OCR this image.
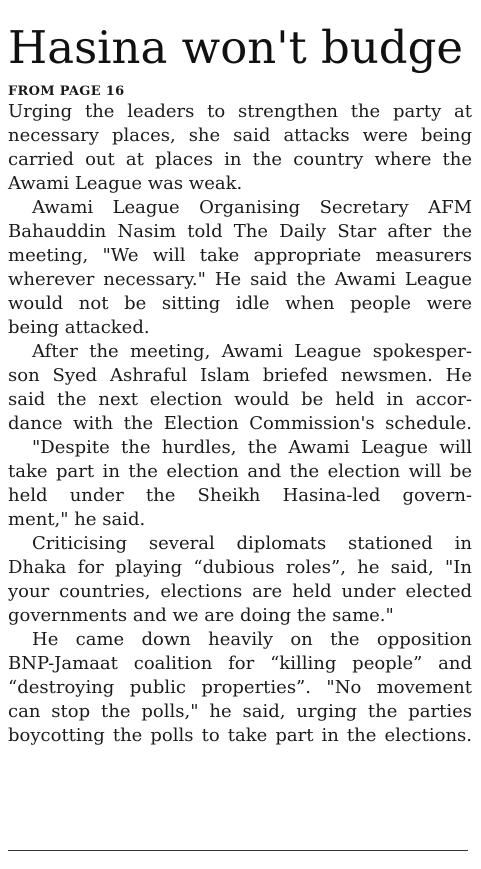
Hasina won't budge
FROM PAGE 16
Urging the leaders to strengthen the party at
necessary places, she said attacks were being
carried out at places in the country where the
Awami League was weak.
Awami League Organising Secretary AFM
Bahauddin Nasim told The Daily Star after the
meeting, "We will take appropriate measurers
wherever necessary." He said the Awami League
would not be sitting idle when people were
being attacked.
After the meeting, Awami League spokesper-
son Syed Ashraful Islam briefed newsmen. He
said the next election would be held in accor-
dance with the Election Commission's schedule.
"Despite the hurdles, the Awami League will
take part in the election and the election will be
held under the Sheikh Hasina-led govern-
ment," he said.
Criticising several diplomats stationed in
Dhaka for playing “dubious roles”, he said, "In
your countries, elections are held under elected
governments and we are doing the same."
He came down heavily on the opposition
BNP-Jamaat coalition for “killing people” and
“destroying public properties”. "No movement
can stop the polls," he said, urging the parties
boycotting the polls to take part in the elections.
